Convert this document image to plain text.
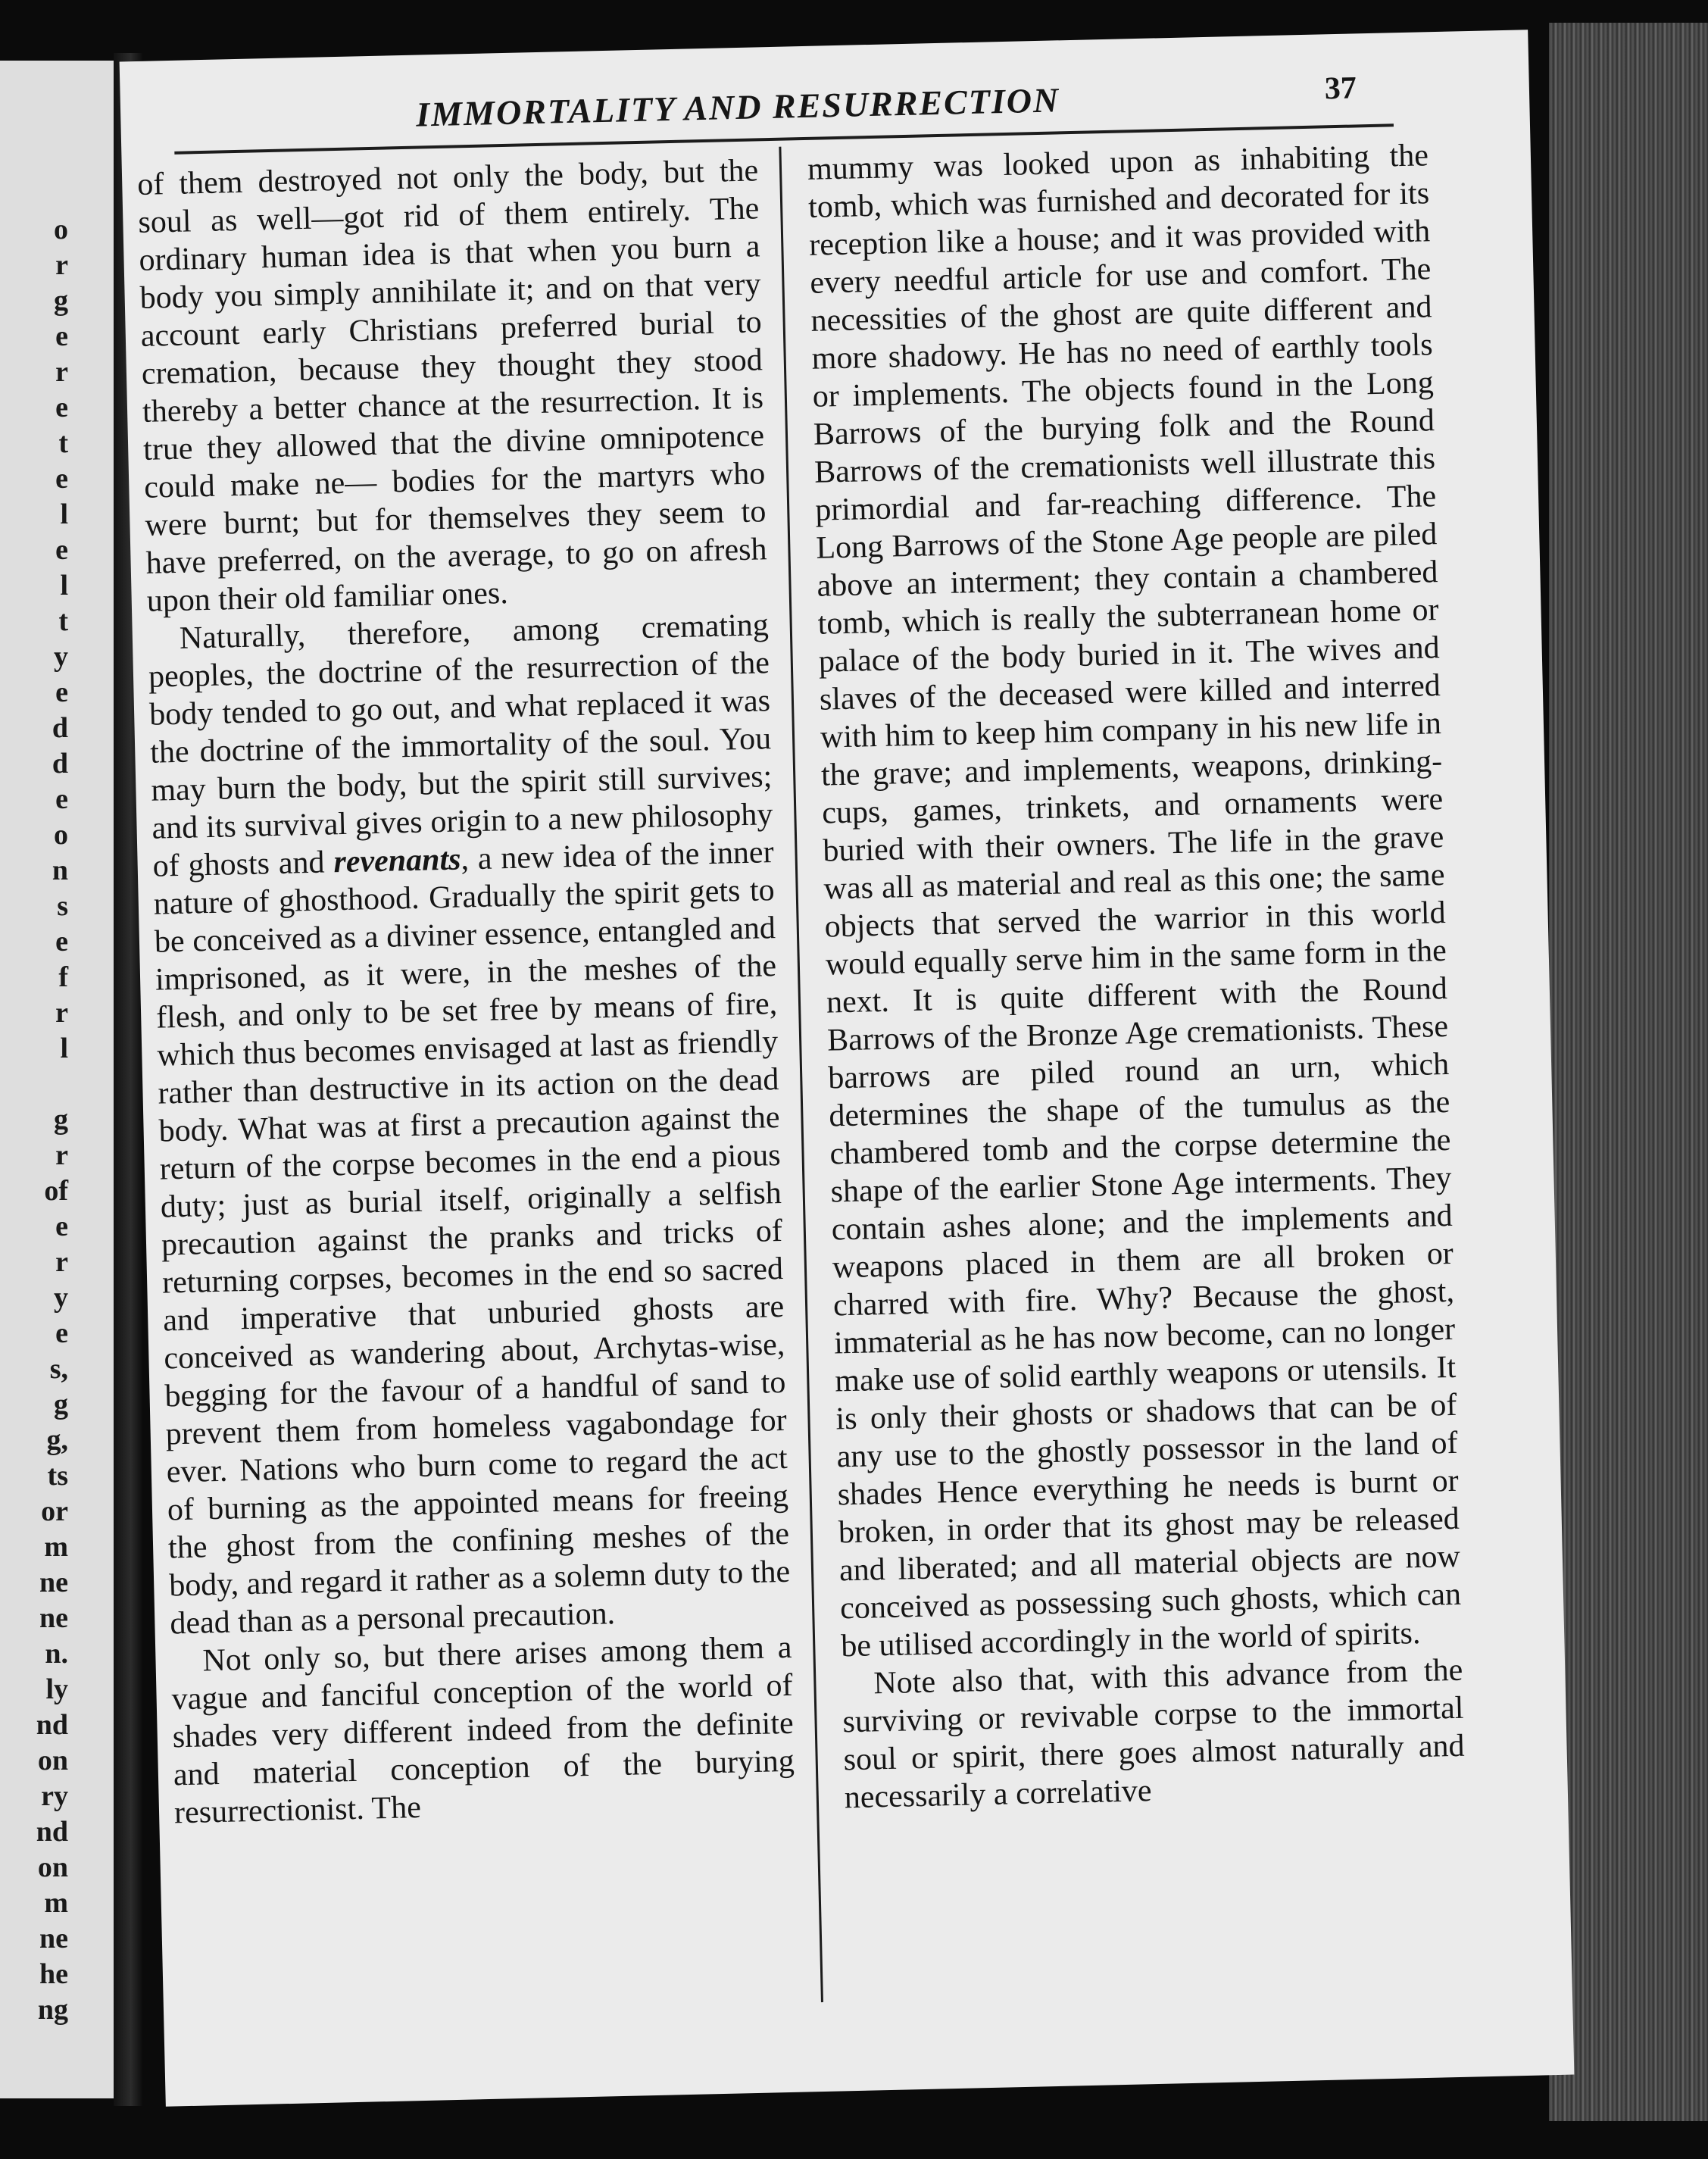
o
r
g
e
r
e
t
e
l
e
l
t
y
e
d
d
e
o
n
s
e
f
r
l
g
r
of
e
r
y
e
s,
g
g,
ts
or
m
ne
ne
n.
ly
nd
on
ry
nd
on
m
ne
he
ng
IMMORTALITY AND RESURRECTION	37

of them destroyed not only the body, but the soul as well—got rid of them entirely. The ordinary human idea is that when you burn a body you simply annihilate it; and on that very account early Christians preferred burial to cremation, because they thought they stood thereby a better chance at the resurrection. It is true they allowed that the divine omnipotence could make ne— bodies for the martyrs who were burnt; but for themselves they seem to have preferred, on the average, to go on afresh upon their old familiar ones.

Naturally, therefore, among cremating peoples, the doctrine of the resurrection of the body tended to go out, and what replaced it was the doctrine of the immortality of the soul. You may burn the body, but the spirit still survives; and its survival gives origin to a new philosophy of ghosts and revenants, a new idea of the inner nature of ghosthood. Gradually the spirit gets to be conceived as a diviner essence, entangled and imprisoned, as it were, in the meshes of the flesh, and only to be set free by means of fire, which thus becomes envisaged at last as friendly rather than destructive in its action on the dead body. What was at first a precaution against the return of the corpse becomes in the end a pious duty; just as burial itself, originally a selfish precaution against the pranks and tricks of returning corpses, becomes in the end so sacred and imperative that unburied ghosts are conceived as wandering about, Archytas-wise, begging for the favour of a handful of sand to prevent them from homeless vagabondage for ever. Nations who burn come to regard the act of burning as the appointed means for freeing the ghost from the confining meshes of the body, and regard it rather as a solemn duty to the dead than as a personal precaution.

Not only so, but there arises among them a vague and fanciful conception of the world of shades very different indeed from the definite and material conception of the burying resurrectionist. The

mummy was looked upon as inhabiting the tomb, which was furnished and decorated for its reception like a house; and it was provided with every needful article for use and comfort. The necessities of the ghost are quite different and more shadowy. He has no need of earthly tools or implements. The objects found in the Long Barrows of the burying folk and the Round Barrows of the cremationists well illustrate this primordial and far-reaching difference. The Long Barrows of the Stone Age people are piled above an interment; they contain a chambered tomb, which is really the subterranean home or palace of the body buried in it. The wives and slaves of the deceased were killed and interred with him to keep him company in his new life in the grave; and implements, weapons, drinking-cups, games, trinkets, and ornaments were buried with their owners. The life in the grave was all as material and real as this one; the same objects that served the warrior in this world would equally serve him in the same form in the next. It is quite different with the Round Barrows of the Bronze Age cremationists. These barrows are piled round an urn, which determines the shape of the tumulus as the chambered tomb and the corpse determine the shape of the earlier Stone Age interments. They contain ashes alone; and the implements and weapons placed in them are all broken or charred with fire. Why? Because the ghost, immaterial as he has now become, can no longer make use of solid earthly weapons or utensils. It is only their ghosts or shadows that can be of any use to the ghostly possessor in the land of shades Hence everything he needs is burnt or broken, in order that its ghost may be released and liberated; and all material objects are now conceived as possessing such ghosts, which can be utilised accordingly in the world of spirits.

Note also that, with this advance from the surviving or revivable corpse to the immortal soul or spirit, there goes almost naturally and necessarily a correlative
